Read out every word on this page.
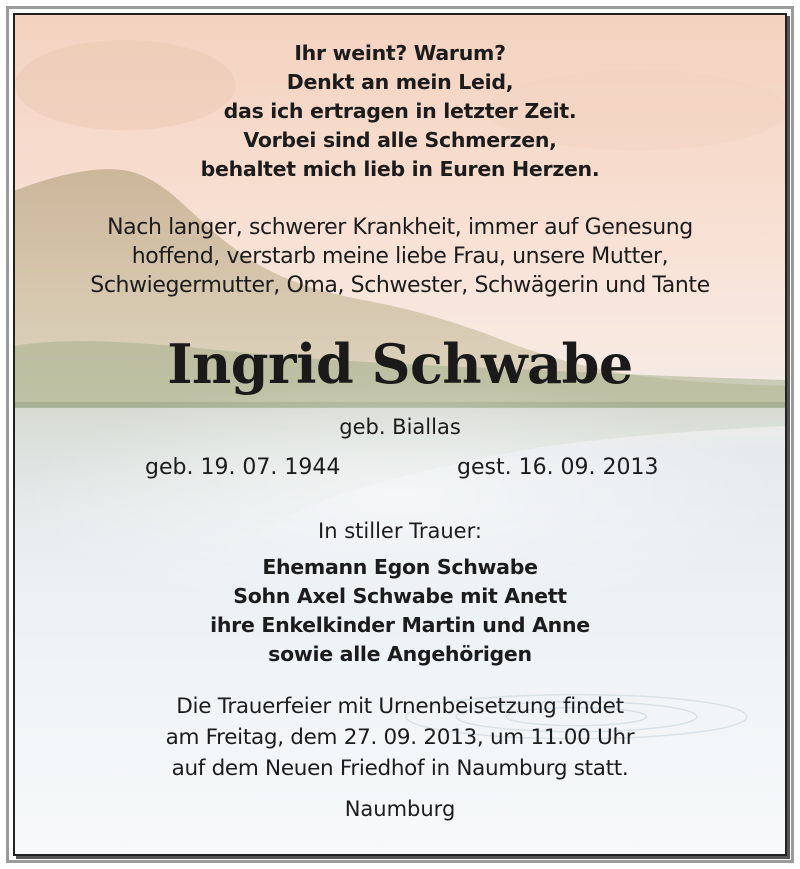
Ihr weint? Warum?
Denkt an mein Leid,
das ich ertragen in letzter Zeit.
Vorbei sind alle Schmerzen,
behaltet mich lieb in Euren Herzen.
Nach langer, schwerer Krankheit, immer auf Genesung
hoffend, verstarb meine liebe Frau, unsere Mutter,
Schwiegermutter, Oma, Schwester, Schwägerin und Tante
Ingrid Schwabe
geb. Biallas
geb. 19. 07. 1944	gest. 16. 09. 2013
In stiller Trauer:
Ehemann Egon Schwabe
Sohn Axel Schwabe mit Anett
ihre Enkelkinder Martin und Anne
sowie alle Angehörigen
Die Trauerfeier mit Urnenbeisetzung findet
am Freitag, dem 27. 09. 2013, um 11.00 Uhr
auf dem Neuen Friedhof in Naumburg statt.
Naumburg
